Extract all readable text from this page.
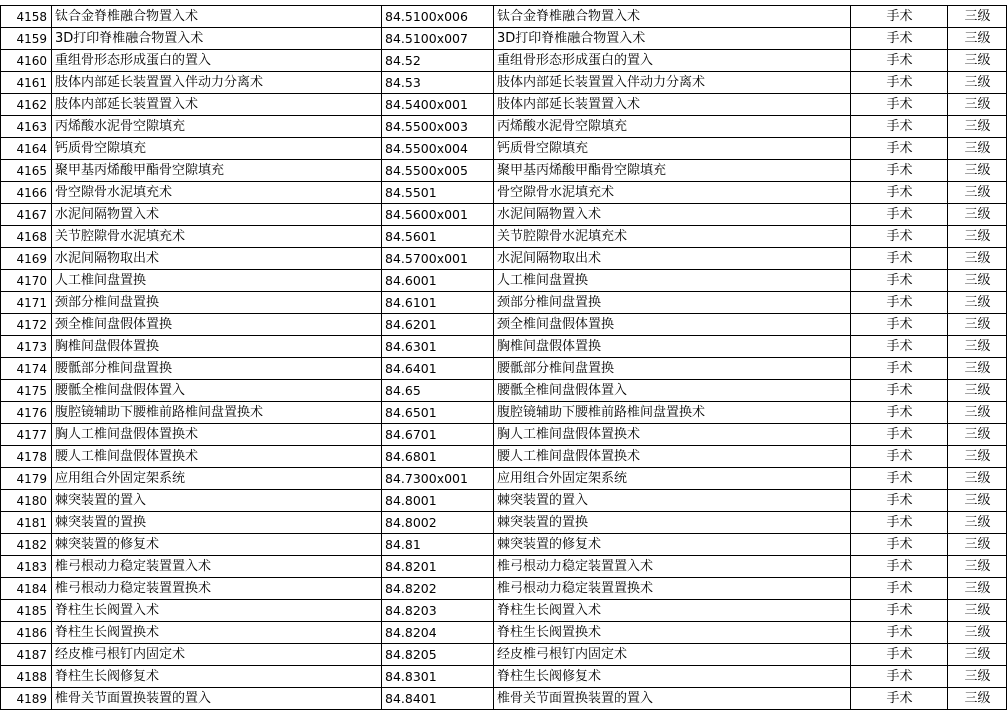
4158	钛合金脊椎融合物置入术	84.5100x006	钛合金脊椎融合物置入术	手术	三级
4159	3D打印脊椎融合物置入术	84.5100x007	3D打印脊椎融合物置入术	手术	三级
4160	重组骨形态形成蛋白的置入	84.52	重组骨形态形成蛋白的置入	手术	三级
4161	肢体内部延长装置置入伴动力分离术	84.53	肢体内部延长装置置入伴动力分离术	手术	三级
4162	肢体内部延长装置置入术	84.5400x001	肢体内部延长装置置入术	手术	三级
4163	丙烯酸水泥骨空隙填充	84.5500x003	丙烯酸水泥骨空隙填充	手术	三级
4164	钙质骨空隙填充	84.5500x004	钙质骨空隙填充	手术	三级
4165	聚甲基丙烯酸甲酯骨空隙填充	84.5500x005	聚甲基丙烯酸甲酯骨空隙填充	手术	三级
4166	骨空隙骨水泥填充术	84.5501	骨空隙骨水泥填充术	手术	三级
4167	水泥间隔物置入术	84.5600x001	水泥间隔物置入术	手术	三级
4168	关节腔隙骨水泥填充术	84.5601	关节腔隙骨水泥填充术	手术	三级
4169	水泥间隔物取出术	84.5700x001	水泥间隔物取出术	手术	三级
4170	人工椎间盘置换	84.6001	人工椎间盘置换	手术	三级
4171	颈部分椎间盘置换	84.6101	颈部分椎间盘置换	手术	三级
4172	颈全椎间盘假体置换	84.6201	颈全椎间盘假体置换	手术	三级
4173	胸椎间盘假体置换	84.6301	胸椎间盘假体置换	手术	三级
4174	腰骶部分椎间盘置换	84.6401	腰骶部分椎间盘置换	手术	三级
4175	腰骶全椎间盘假体置入	84.65	腰骶全椎间盘假体置入	手术	三级
4176	腹腔镜辅助下腰椎前路椎间盘置换术	84.6501	腹腔镜辅助下腰椎前路椎间盘置换术	手术	三级
4177	胸人工椎间盘假体置换术	84.6701	胸人工椎间盘假体置换术	手术	三级
4178	腰人工椎间盘假体置换术	84.6801	腰人工椎间盘假体置换术	手术	三级
4179	应用组合外固定架系统	84.7300x001	应用组合外固定架系统	手术	三级
4180	棘突装置的置入	84.8001	棘突装置的置入	手术	三级
4181	棘突装置的置换	84.8002	棘突装置的置换	手术	三级
4182	棘突装置的修复术	84.81	棘突装置的修复术	手术	三级
4183	椎弓根动力稳定装置置入术	84.8201	椎弓根动力稳定装置置入术	手术	三级
4184	椎弓根动力稳定装置置换术	84.8202	椎弓根动力稳定装置置换术	手术	三级
4185	脊柱生长阀置入术	84.8203	脊柱生长阀置入术	手术	三级
4186	脊柱生长阀置换术	84.8204	脊柱生长阀置换术	手术	三级
4187	经皮椎弓根钉内固定术	84.8205	经皮椎弓根钉内固定术	手术	三级
4188	脊柱生长阀修复术	84.8301	脊柱生长阀修复术	手术	三级
4189	椎骨关节面置换装置的置入	84.8401	椎骨关节面置换装置的置入	手术	三级
